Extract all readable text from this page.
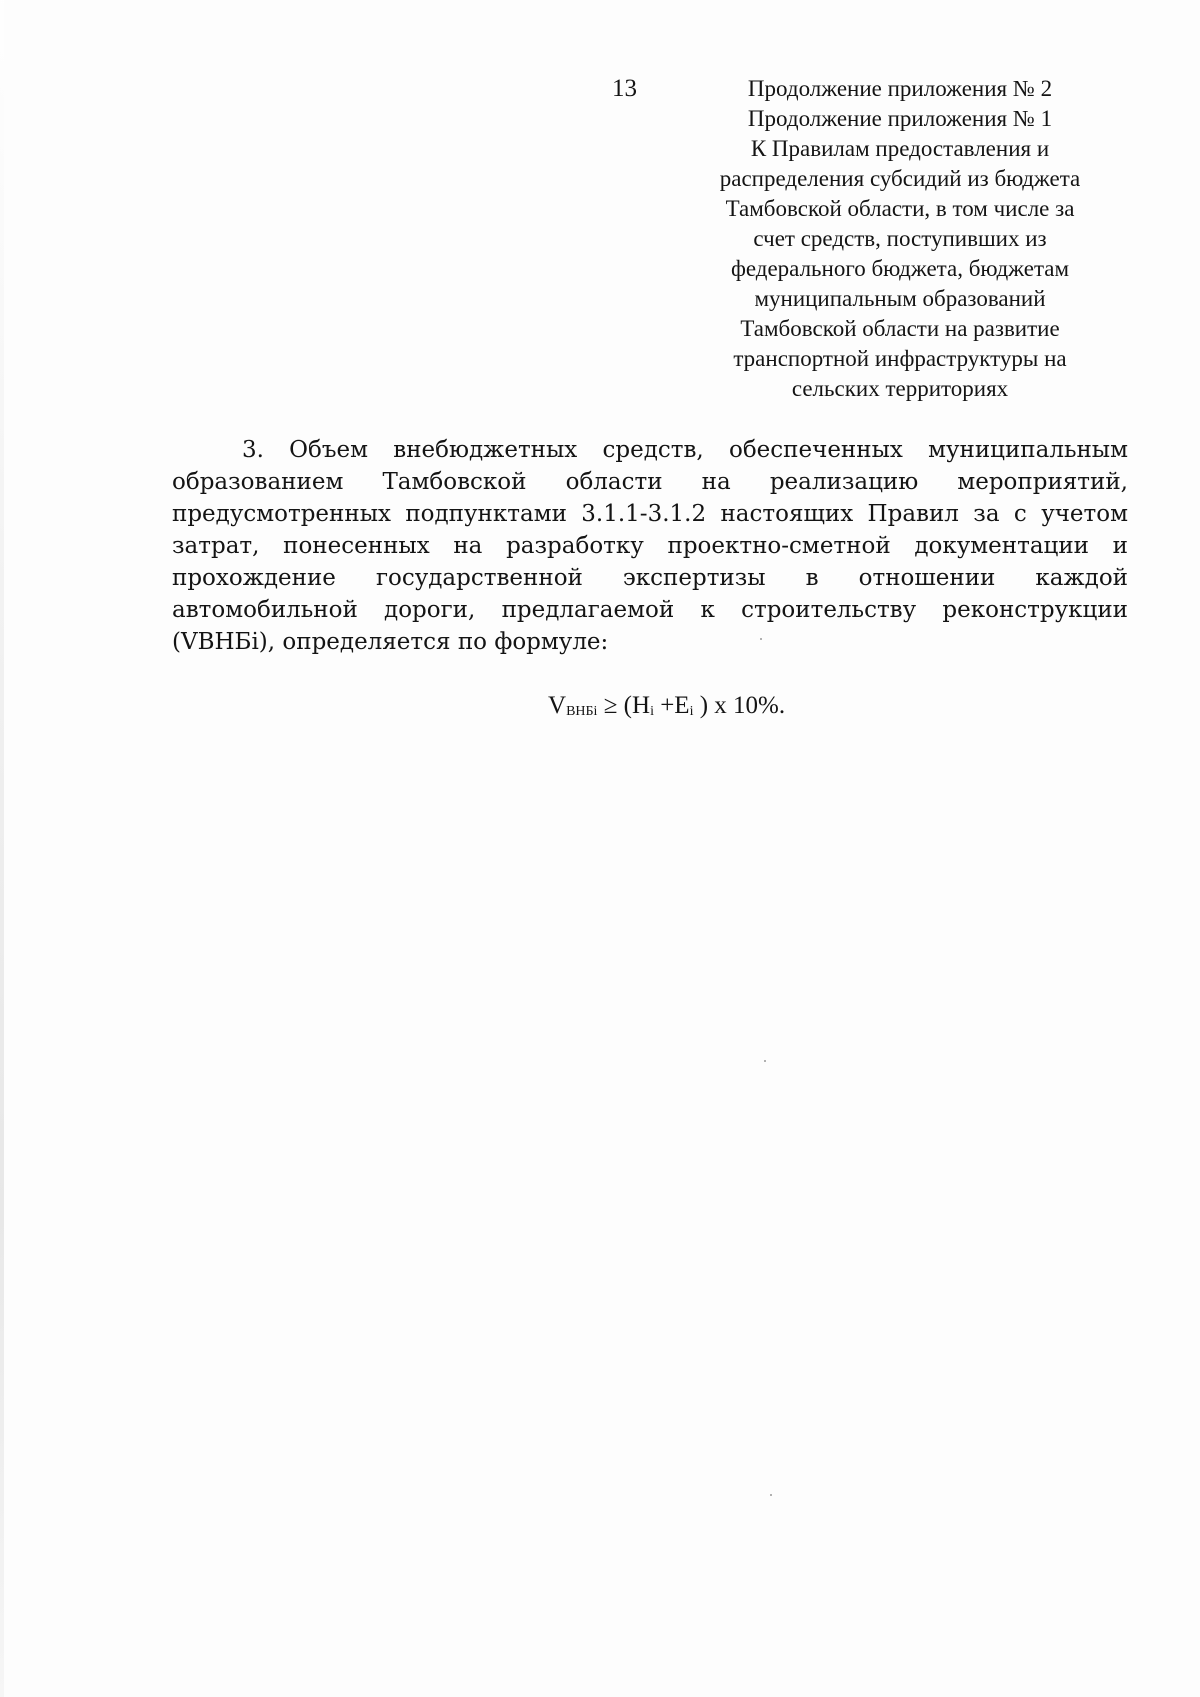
13	Продолжение приложения № 2
Продолжение приложения № 1
К Правилам предоставления и
распределения субсидий из бюджета
Тамбовской области, в том числе за
счет средств, поступивших из
федерального бюджета, бюджетам
муниципальным образований
Тамбовской области на развитие
транспортной инфраструктуры на
сельских территориях
3. Объем внебюджетных средств, обеспеченных муниципальным
образованием Тамбовской области на реализацию мероприятий,
предусмотренных подпунктами 3.1.1-3.1.2 настоящих Правил за с учетом
затрат, понесенных на разработку проектно-сметной документации и
прохождение государственной экспертизы в отношении каждой
автомобильной дороги, предлагаемой к строительству реконструкции
(VВНБi), определяется по формуле:
$V_{ВНБi} \ge (H_i +E_i$ ) x 10%.
